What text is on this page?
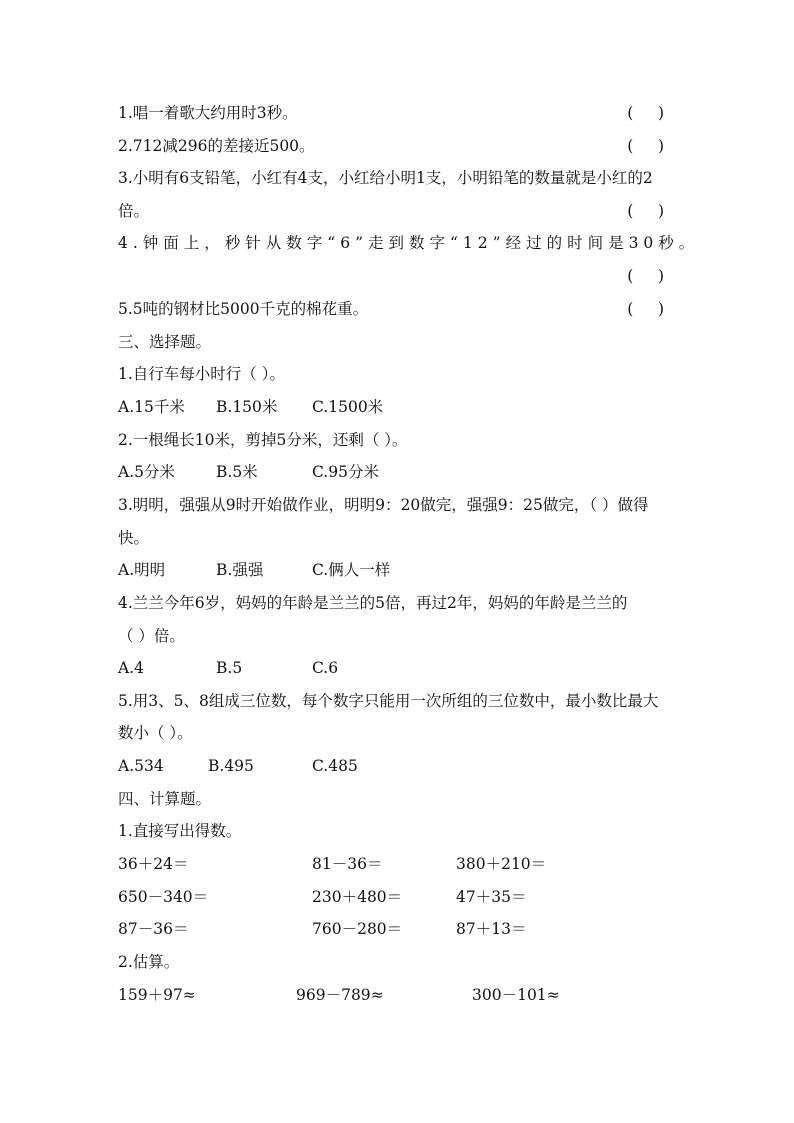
1.唱一着歌大约用时3秒。	(     )
2.712减296的差接近500。	(     )
3.小明有6支铅笔，小红有4支，小红给小明1支，小明铅笔的数量就是小红的2
倍。	(     )
4.钟面上，秒针从数字“6”走到数字“12”经过的时间是30秒。
(     )
5.5吨的钢材比5000千克的棉花重。	(     )
三、选择题。
1.自行车每小时行（ ）。
A.15千米 B.150米 C.1500米
2.一根绳长10米，剪掉5分米，还剩（ ）。
A.5分米	B.5米	C.95分米
3.明明，强强从9时开始做作业，明明9：20做完，强强9：25做完，（ ）做得
快。
A.明明	B.强强	C.俩人一样
4.兰兰今年6岁，妈妈的年龄是兰兰的5倍，再过2年，妈妈的年龄是兰兰的
（ ）倍。
A.4	B.5	C.6
5.用3、5、8组成三位数，每个数字只能用一次所组的三位数中，最小数比最大
数小（ ）。
A.534	B.495	C.485
四、计算题。
1.直接写出得数。
36＋24＝	81－36＝	380＋210＝
650－340＝	230＋480＝	47＋35＝
87－36＝	760－280＝	87＋13＝
2.估算。
159＋97≈	969－789≈	300－101≈
